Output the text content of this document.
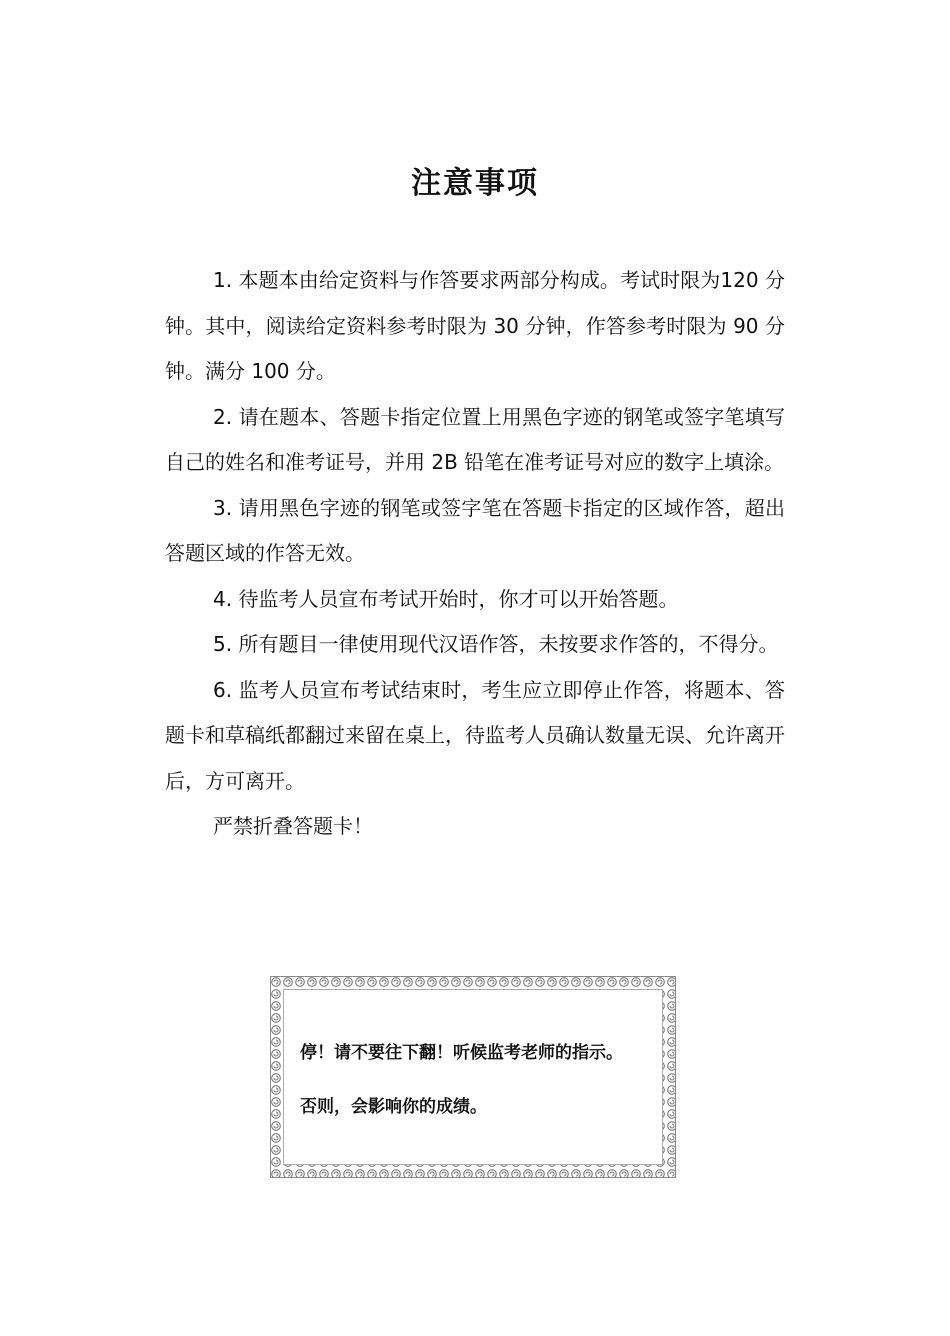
注意事项

1. 本题本由给定资料与作答要求两部分构成。考试时限为120 分钟。其中，阅读给定资料参考时限为 30 分钟，作答参考时限为 90 分钟。满分 100 分。

2. 请在题本、答题卡指定位置上用黑色字迹的钢笔或签字笔填写自己的姓名和准考证号，并用 2B 铅笔在准考证号对应的数字上填涂。

3. 请用黑色字迹的钢笔或签字笔在答题卡指定的区域作答，超出答题区域的作答无效。

4. 待监考人员宣布考试开始时，你才可以开始答题。

5. 所有题目一律使用现代汉语作答，未按要求作答的，不得分。

6. 监考人员宣布考试结束时，考生应立即停止作答，将题本、答题卡和草稿纸都翻过来留在桌上，待监考人员确认数量无误、允许离开后，方可离开。

严禁折叠答题卡！

停！请不要往下翻！听候监考老师的指示。

否则，会影响你的成绩。
